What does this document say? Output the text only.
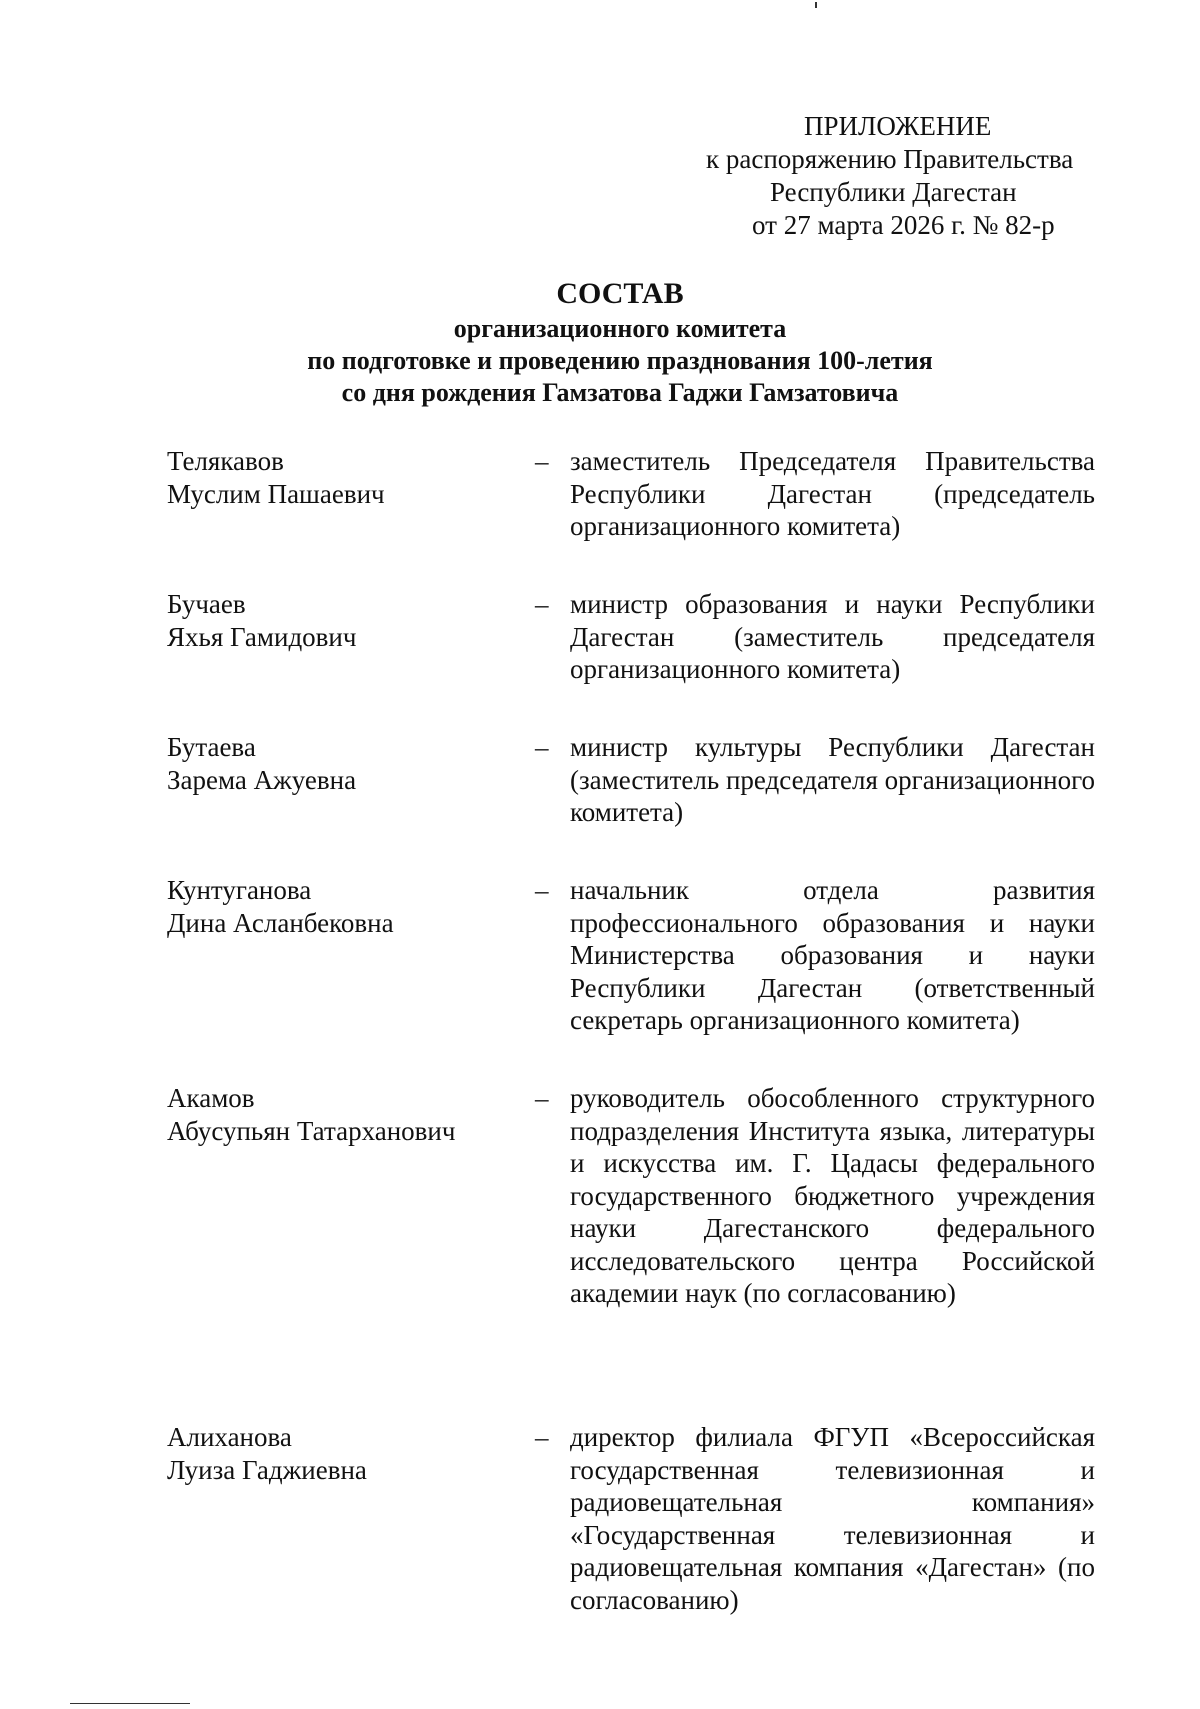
ПРИЛОЖЕНИЕ
к распоряжению Правительства
Республики Дагестан
от 27 марта 2026 г. № 82-р
СОСТАВ
организационного комитета
по подготовке и проведению празднования 100-летия
со дня рождения Гамзатова Гаджи Гамзатовича
Телякавов
Муслим Пашаевич
– заместитель Председателя Правительства Республики Дагестан (председатель организационного комитета)
Бучаев
Яхья Гамидович
– министр образования и науки Республики Дагестан (заместитель председателя организационного комитета)
Бутаева
Зарема Ажуевна
– министр культуры Республики Дагестан (заместитель председателя организационного комитета)
Кунтуганова
Дина Асланбековна
– начальник отдела развития профессионального образования и науки Министерства образования и науки Республики Дагестан (ответственный секретарь организационного комитета)
Акамов
Абусупьян Татарханович
– руководитель обособленного структурного подразделения Института языка, литературы и искусства им. Г. Цадасы федерального государственного бюджетного учреждения науки Дагестанского федерального исследовательского центра Российской академии наук (по согласованию)
Алиханова
Луиза Гаджиевна
– директор филиала ФГУП «Всероссийская государственная телевизионная и радиовещательная компания» «Государственная телевизионная и радиовещательная компания «Дагестан» (по согласованию)
